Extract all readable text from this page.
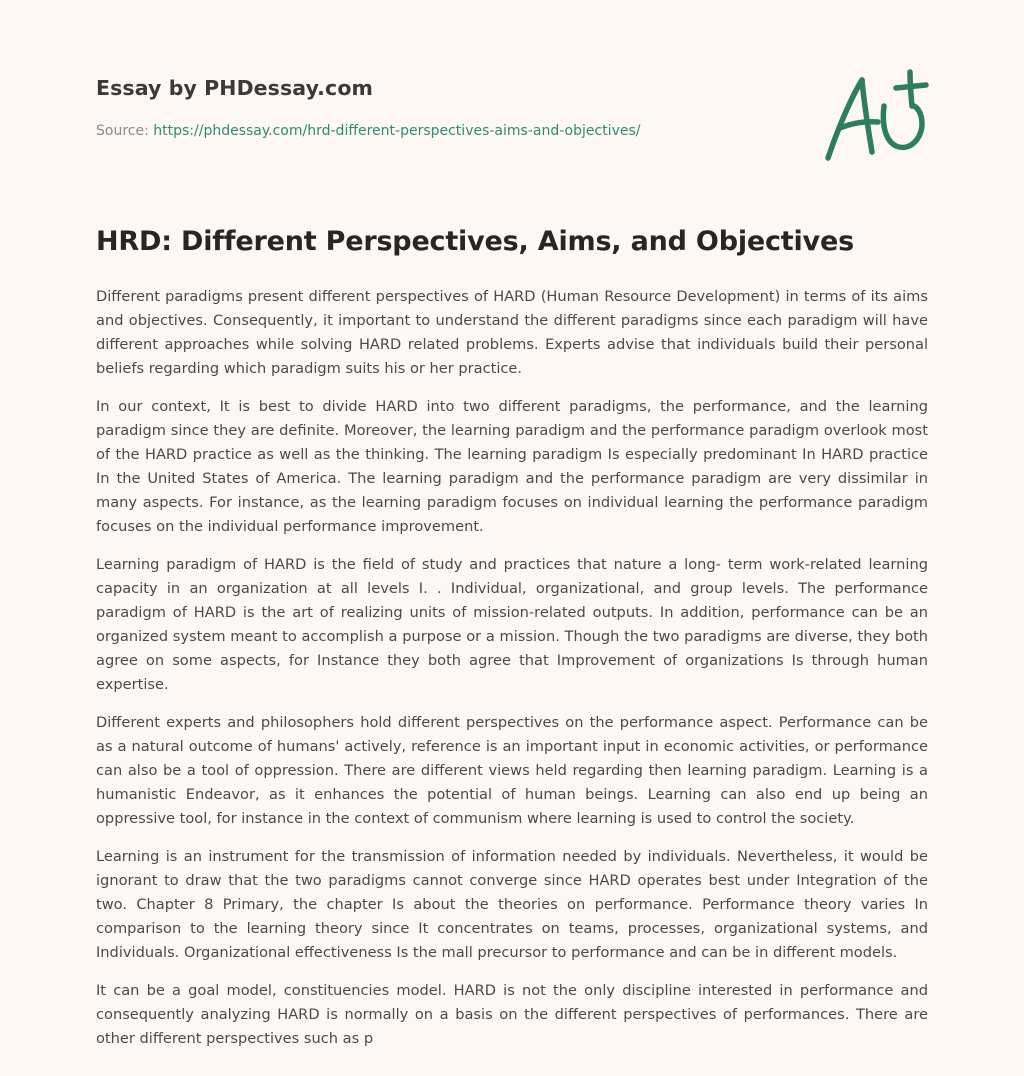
Essay by PHDessay.com
Source: https://phdessay.com/hrd-different-perspectives-aims-and-objectives/
HRD: Different Perspectives, Aims, and Objectives

Different paradigms present different perspectives of HARD (Human Resource Development) in terms of its aims and objectives. Consequently, it important to understand the different paradigms since each paradigm will have different approaches while solving HARD related problems. Experts advise that individuals build their personal beliefs regarding which paradigm suits his or her practice.

In our context, It is best to divide HARD into two different paradigms, the performance, and the learning paradigm since they are definite. Moreover, the learning paradigm and the performance paradigm overlook most of the HARD practice as well as the thinking. The learning paradigm Is especially predominant In HARD practice In the United States of America. The learning paradigm and the performance paradigm are very dissimilar in many aspects. For instance, as the learning paradigm focuses on individual learning the performance paradigm focuses on the individual performance improvement.

Learning paradigm of HARD is the field of study and practices that nature a long- term work-related learning capacity in an organization at all levels I. . Individual, organizational, and group levels. The performance paradigm of HARD is the art of realizing units of mission-related outputs. In addition, performance can be an organized system meant to accomplish a purpose or a mission. Though the two paradigms are diverse, they both agree on some aspects, for Instance they both agree that Improvement of organizations Is through human expertise.

Different experts and philosophers hold different perspectives on the performance aspect. Performance can be as a natural outcome of humans' actively, reference is an important input in economic activities, or performance can also be a tool of oppression. There are different views held regarding then learning paradigm. Learning is a humanistic Endeavor, as it enhances the potential of human beings. Learning can also end up being an oppressive tool, for instance in the context of communism where learning is used to control the society.

Learning is an instrument for the transmission of information needed by individuals. Nevertheless, it would be ignorant to draw that the two paradigms cannot converge since HARD operates best under Integration of the two. Chapter 8 Primary, the chapter Is about the theories on performance. Performance theory varies In comparison to the learning theory since It concentrates on teams, processes, organizational systems, and Individuals. Organizational effectiveness Is the mall precursor to performance and can be in different models.

It can be a goal model, constituencies model. HARD is not the only discipline interested in performance and consequently analyzing HARD is normally on a basis on the different perspectives of performances. There are other different perspectives such as p
